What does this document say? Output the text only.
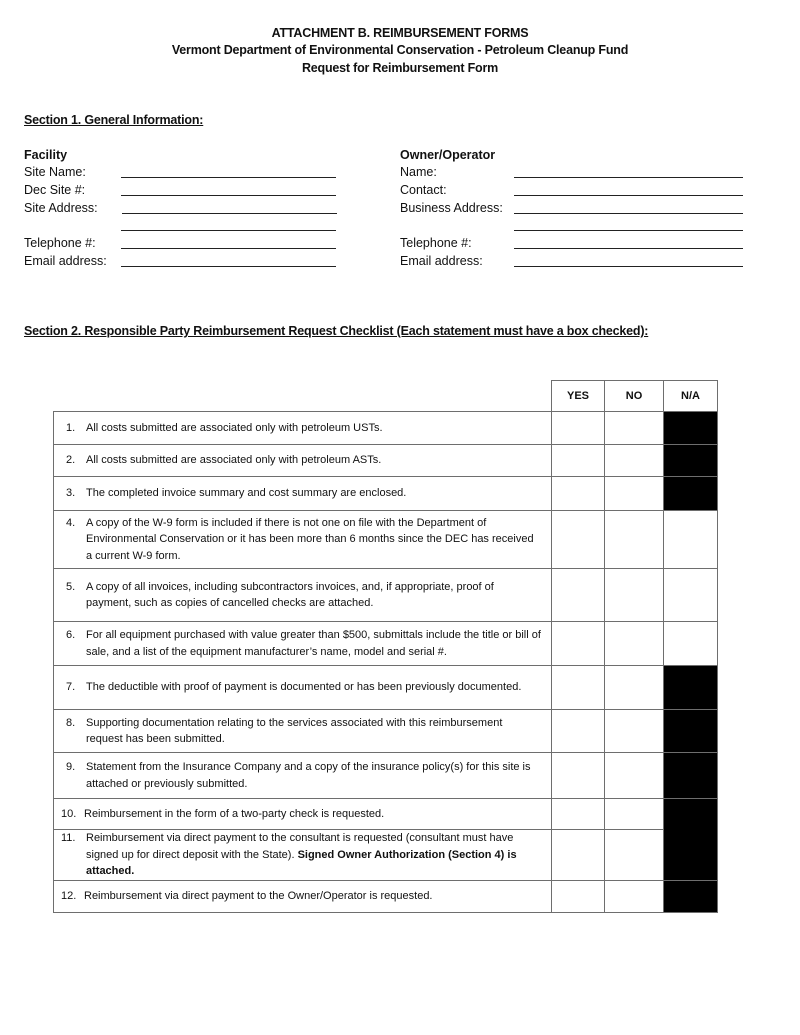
ATTACHMENT B. REIMBURSEMENT FORMS
Vermont Department of Environmental Conservation - Petroleum Cleanup Fund
Request for Reimbursement Form
Section 1. General Information:
Facility
Site Name:
Dec Site #:
Site Address:
Telephone #:
Email address:
Owner/Operator
Name:
Contact:
Business Address:
Telephone #:
Email address:
Section 2. Responsible Party Reimbursement Request Checklist (Each statement must have a box checked):
	YES	NO	N/A

1. All costs submitted are associated only with petroleum USTs.			

2. All costs submitted are associated only with petroleum ASTs.			

3. The completed invoice summary and cost summary are enclosed.			

4. A copy of the W-9 form is included if there is not one on file with the Department of Environmental Conservation or it has been more than 6 months since the DEC has received a current W-9 form.			

5. A copy of all invoices, including subcontractors invoices, and, if appropriate, proof of payment, such as copies of cancelled checks are attached.			

6. For all equipment purchased with value greater than $500, submittals include the title or bill of sale, and a list of the equipment manufacturer’s name, model and serial #.			

7. The deductible with proof of payment is documented or has been previously documented.			

8. Supporting documentation relating to the services associated with this reimbursement request has been submitted.			

9. Statement from the Insurance Company and a copy of the insurance policy(s) for this site is attached or previously submitted.			

10. Reimbursement in the form of a two-party check is requested.			

11. Reimbursement via direct payment to the consultant is requested (consultant must have signed up for direct deposit with the State). Signed Owner Authorization (Section 4) is attached.			

12. Reimbursement via direct payment to the Owner/Operator is requested.			
